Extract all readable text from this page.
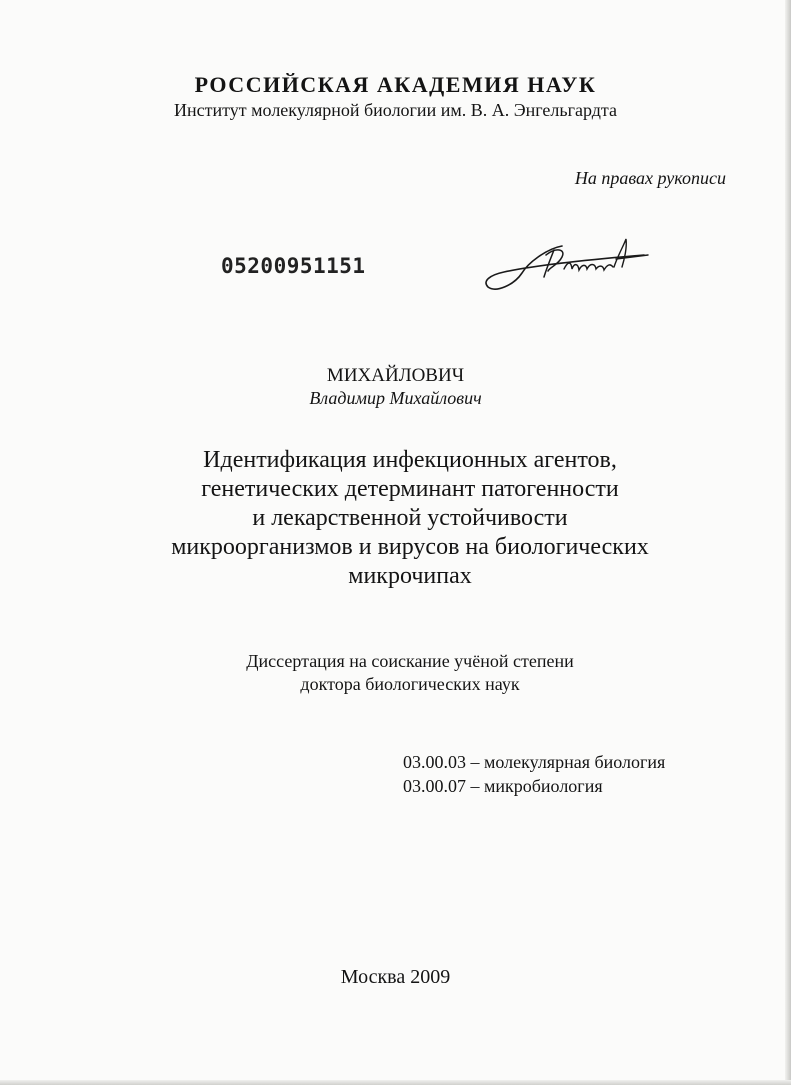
РОССИЙСКАЯ АКАДЕМИЯ НАУК
Институт молекулярной биологии им. В. А. Энгельгардта
На правах рукописи
05200951151
МИХАЙЛОВИЧ
Владимир Михайлович
Идентификация инфекционных агентов,
генетических детерминант патогенности
и лекарственной устойчивости
микроорганизмов и вирусов на биологических
микрочипах
Диссертация на соискание учёной степени
доктора биологических наук
03.00.03 – молекулярная биология
03.00.07 – микробиология
Москва 2009
